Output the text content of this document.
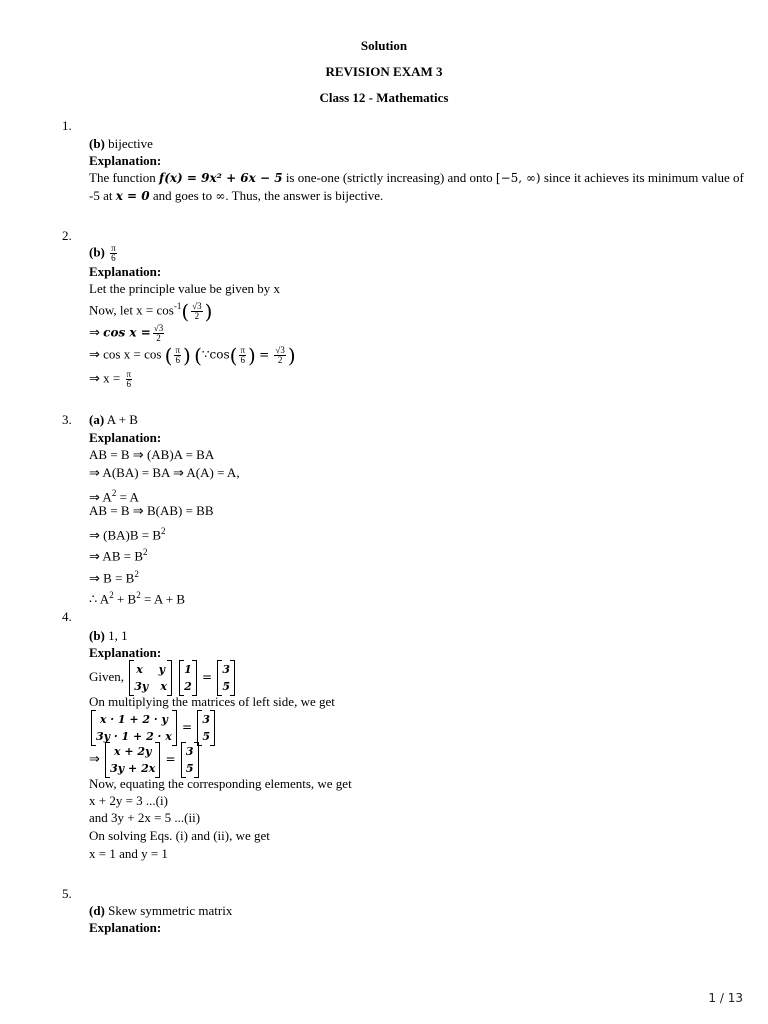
Solution
REVISION EXAM 3
Class 12 - Mathematics
1.
(b) bijective
Explanation:
The function f(x) = 9x² + 6x − 5 is one-one (strictly increasing) and onto [−5, ∞) since it achieves its minimum value of
-5 at x = 0 and goes to ∞. Thus, the answer is bijective.
2.
$(b) \frac{\pi}{6}$
Explanation:
Let the principle value be given by x
Now, let $x = \cos^{-1}( \frac{√3}{2}$ )
⇒ $\cos x = \frac{√3}{2}$
⇒ cos x = cos ( $\frac{\pi}{6}$ ) (∵cos( $\frac{\pi}{6}$ ) = $\frac{√3}{2}$ )
⇒ $x = \frac{\pi}{6}$
3. (a) A + B
Explanation:
AB = B ⇒ (AB)A = BA
⇒ A(BA) = BA ⇒ A(A) = A,
⇒ $A^2 = A$
AB = B ⇒ B(AB) = BB
⇒ $(BA)B = B^2$
⇒ AB = $B^2$
⇒ $B = B^2$
∴ $A^2 + B^2 = A + B$
4.
(b) 1, 1
Explanation:
Given, x y
3y x

1
2
=
3
5
On multiplying the matrices of left side, we get
x · 1 + 2 · y
3y · 1 + 2 · x
=
3
5
⇒ x + 2y
3y + 2x
=
3
5
Now, equating the corresponding elements, we get
x + 2y = 3 ...(i)
and 3y + 2x = 5 ...(ii)
On solving Eqs. (i) and (ii), we get
x = 1 and y = 1
5.
(d) Skew symmetric matrix
Explanation:
1 / 13
